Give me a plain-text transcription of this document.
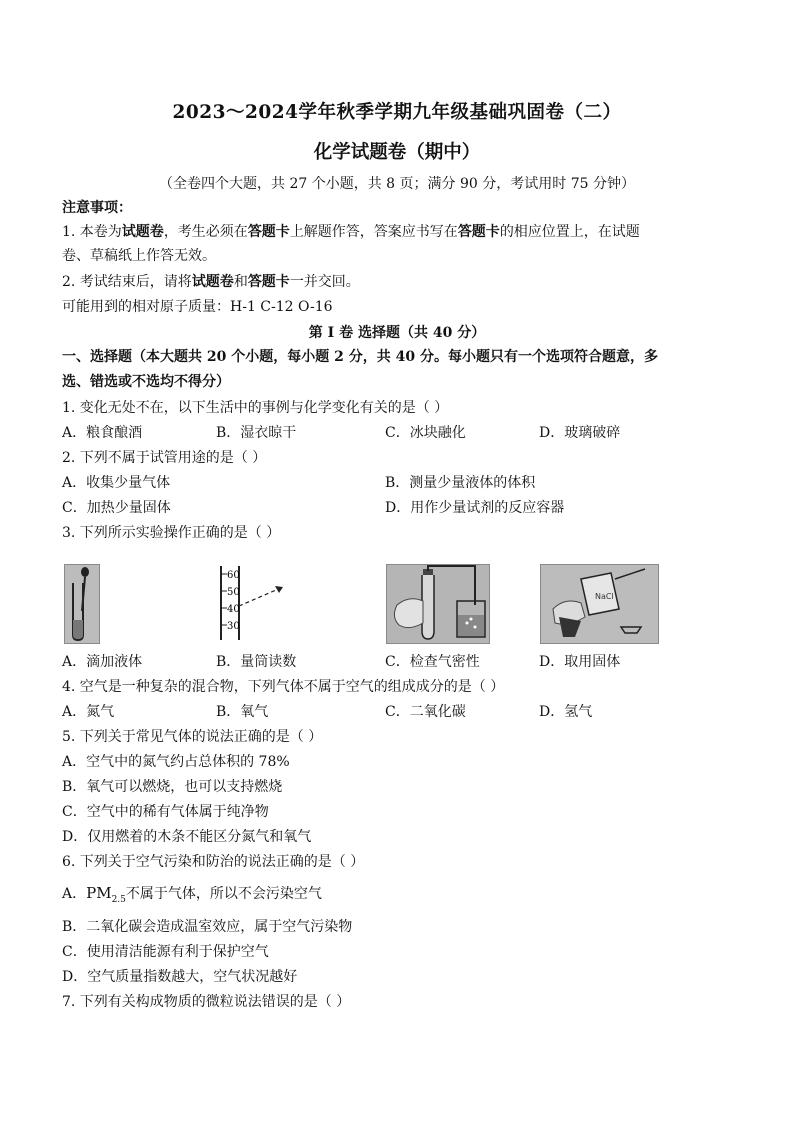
2023～2024学年秋季学期九年级基础巩固卷（二）
化学试题卷（期中）
（全卷四个大题，共 27 个小题，共 8 页；满分 90 分，考试用时 75 分钟）
注意事项：
1. 本卷为试题卷，考生必须在答题卡上解题作答，答案应书写在答题卡的相应位置上，在试题
卷、草稿纸上作答无效。
2. 考试结束后，请将试题卷和答题卡一并交回。
可能用到的相对原子质量：H-1 C-12 O-16
第 I 卷 选择题（共 40 分）
一、选择题（本大题共 20 个小题，每小题 2 分，共 40 分。每小题只有一个选项符合题意，多
选、错选或不选均不得分）
1. 变化无处不在，以下生活中的事例与化学变化有关的是（ ）
A．粮食酿酒	B．湿衣晾干	C．冰块融化	D．玻璃破碎
2. 下列不属于试管用途的是（ ）
A．收集少量气体	B．测量少量液体的体积
C．加热少量固体	D．用作少量试剂的反应容器
3. 下列所示实验操作正确的是（ ）
60
50
40
30
NaCl
A．滴加液体	B．量筒读数	C．检查气密性	D．取用固体
4. 空气是一种复杂的混合物，下列气体不属于空气的组成成分的是（ ）
A．氮气	B．氧气	C．二氧化碳	D．氢气
5. 下列关于常见气体的说法正确的是（ ）
A．空气中的氮气约占总体积的 78%
B．氧气可以燃烧，也可以支持燃烧
C．空气中的稀有气体属于纯净物
D．仅用燃着的木条不能区分氮气和氧气
6. 下列关于空气污染和防治的说法正确的是（ ）
A．$PM_{2.5}$不属于气体，所以不会污染空气
B．二氧化碳会造成温室效应，属于空气污染物
C．使用清洁能源有利于保护空气
D．空气质量指数越大，空气状况越好
7. 下列有关构成物质的微粒说法错误的是（ ）
